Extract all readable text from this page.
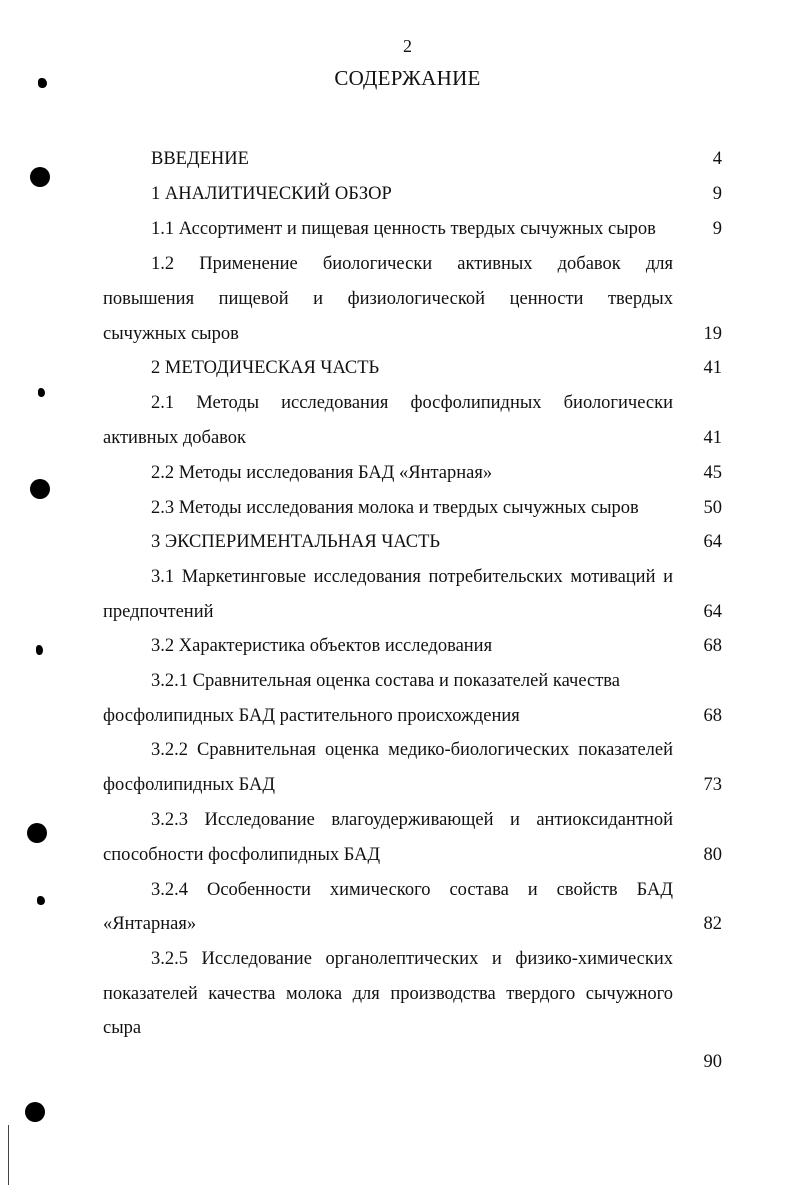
2
СОДЕРЖАНИЕ
ВВЕДЕНИЕ	4
1 АНАЛИТИЧЕСКИЙ ОБЗОР	9
1.1 Ассортимент и пищевая ценность твердых сычужных сыров	9
1.2 Применение биологически активных добавок для
повышения пищевой и физиологической ценности твердых
сычужных сыров	19
2 МЕТОДИЧЕСКАЯ ЧАСТЬ	41
2.1 Методы исследования фосфолипидных биологически
активных добавок	41
2.2 Методы исследования БАД «Янтарная»	45
2.3 Методы исследования молока и твердых сычужных сыров	50
3 ЭКСПЕРИМЕНТАЛЬНАЯ ЧАСТЬ	64
3.1 Маркетинговые исследования потребительских мотиваций и
предпочтений	64
3.2 Характеристика объектов исследования	68
3.2.1 Сравнительная оценка состава и показателей качества
фосфолипидных БАД растительного происхождения	68
3.2.2 Сравнительная оценка медико-биологических показателей
фосфолипидных БАД	73
3.2.3 Исследование влагоудерживающей и антиоксидантной
способности фосфолипидных БАД	80
3.2.4 Особенности химического состава и свойств БАД
«Янтарная»	82
3.2.5 Исследование органолептических и физико-химических
показателей качества молока для производства твердого сычужного
сыра
90
